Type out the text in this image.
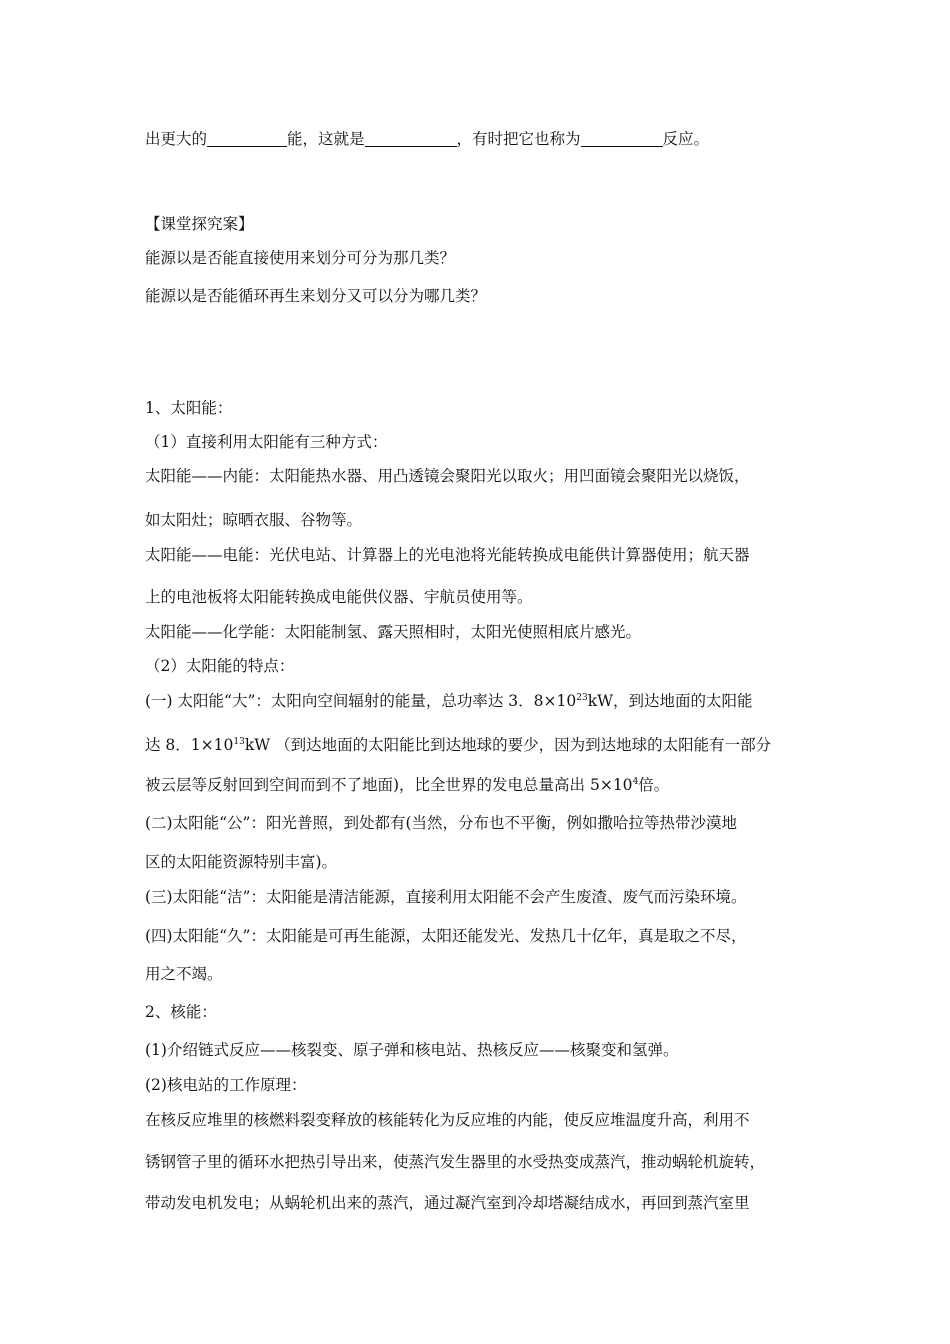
出更大的	能，这就是	，有时把它也称为	反应。
【课堂探究案】
能源以是否能直接使用来划分可分为那几类？
能源以是否能循环再生来划分又可以分为哪几类？
1、太阳能：
（1）直接利用太阳能有三种方式：
太阳能——内能：太阳能热水器、用凸透镜会聚阳光以取火；用凹面镜会聚阳光以烧饭，
如太阳灶；晾晒衣服、谷物等。
太阳能——电能：光伏电站、计算器上的光电池将光能转换成电能供计算器使用；航天器
上的电池板将太阳能转换成电能供仪器、宇航员使用等。
太阳能——化学能：太阳能制氢、露天照相时，太阳光使照相底片感光。
（2）太阳能的特点：
(一) 太阳能“大”：太阳向空间辐射的能量，总功率达 3．$8\times 10^{23}kW$，到达地面的太阳能
达 8．$1\times 10^{13}kW$ （到达地面的太阳能比到达地球的要少，因为到达地球的太阳能有一部分
被云层等反射回到空间而到不了地面)，比全世界的发电总量高出 $5\times 10^4$倍。
(二)太阳能“公”：阳光普照，到处都有(当然，分布也不平衡，例如撒哈拉等热带沙漠地
区的太阳能资源特别丰富)。
(三)太阳能“洁”：太阳能是清洁能源，直接利用太阳能不会产生废渣、废气而污染环境。
(四)太阳能“久”：太阳能是可再生能源，太阳还能发光、发热几十亿年，真是取之不尽，
用之不竭。
2、核能：
(1)介绍链式反应——核裂变、原子弹和核电站、热核反应——核聚变和氢弹。
(2)核电站的工作原理：
在核反应堆里的核燃料裂变释放的核能转化为反应堆的内能，使反应堆温度升高，利用不
锈钢管子里的循环水把热引导出来，使蒸汽发生器里的水受热变成蒸汽，推动蜗轮机旋转，
带动发电机发电；从蜗轮机出来的蒸汽，通过凝汽室到冷却塔凝结成水，再回到蒸汽室里
